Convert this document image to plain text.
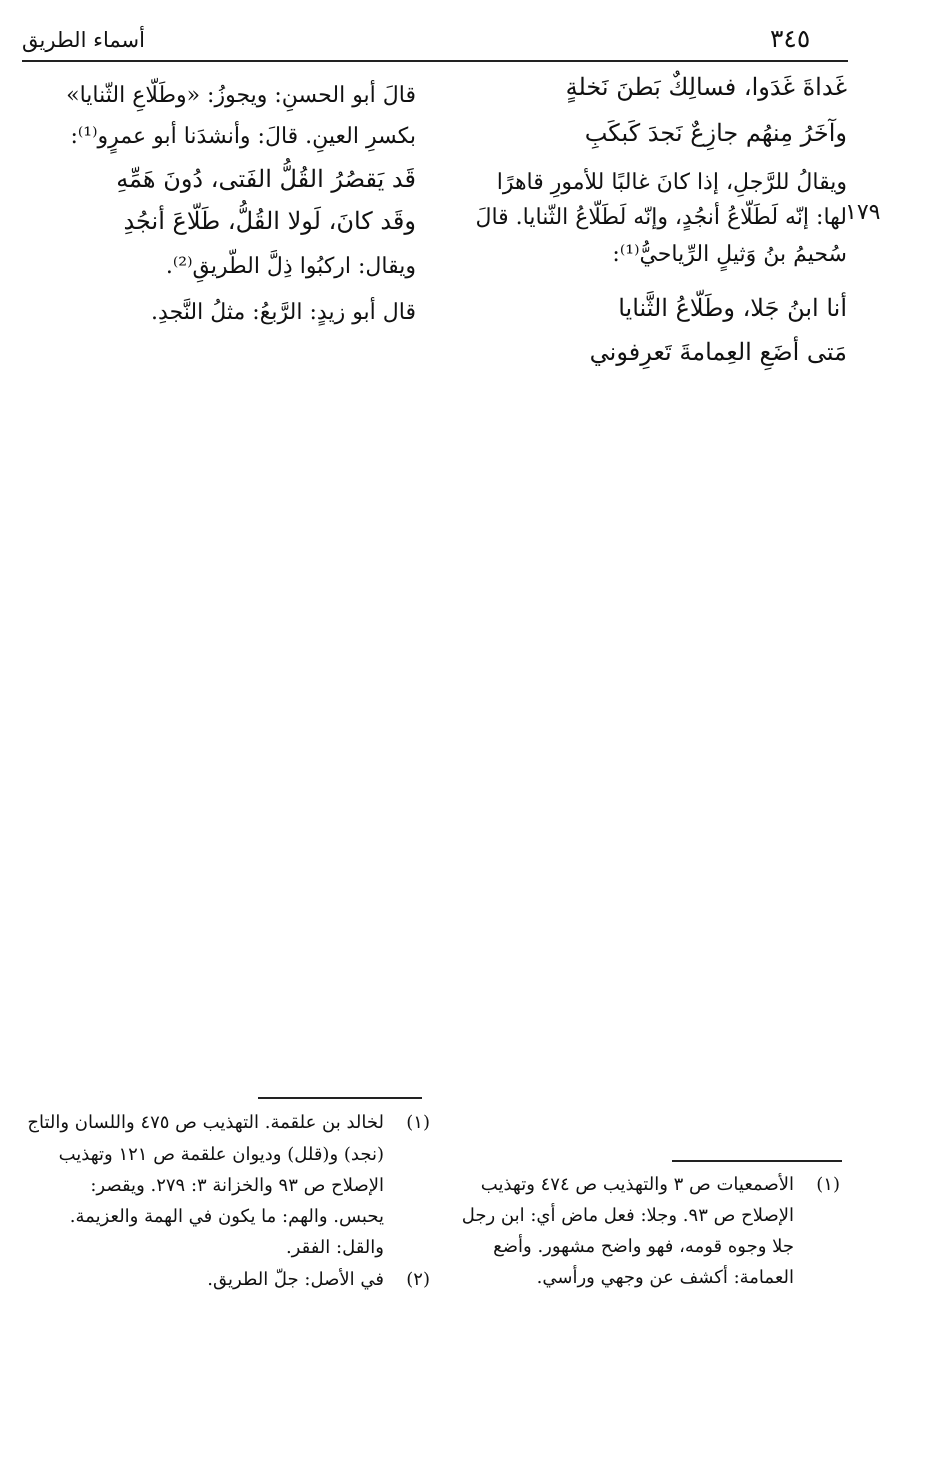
أسماء الطريق	٣٤٥
١٧٩
غَداةَ غَدَوا، فسالِكٌ بَطنَ نَخلةٍ
وآخَرُ مِنهُم جازِعٌ نَجدَ كَبكَبِ
ويقالُ للرَّجلِ، إذا كانَ غالبًا للأمورِ قاهرًا
لها: إنّه لَطَلّاعُ أنجُدٍ، وإنّه لَطَلّاعُ الثّنايا. قالَ
سُحيمُ بنُ وَثيلٍ الرِّياحيُّ⁽¹⁾:
أنا ابنُ جَلا، وطَلّاعُ الثَّنايا
مَتى أضَعِ العِمامةَ تَعرِفوني
قالَ أبو الحسنِ: ويجوزُ: «وطَلّاعِ الثّنايا»
بكسرِ العينِ. قالَ: وأنشدَنا أبو عمرٍو⁽¹⁾:
قَد يَقصُرُ القُلُّ الفَتى، دُونَ هَمِّهِ
وقَد كانَ، لَولا القُلُّ، طَلّاعَ أنجُدِ
ويقال: اركبُوا ذِلَّ الطّريقِ⁽²⁾.
قال أبو زيدٍ: الرَّبعُ: مثلُ النَّجدِ.
(١)
لخالد بن علقمة. التهذيب ص ٤٧٥ واللسان والتاج
(نجد) و(قلل) وديوان علقمة ص ١٢١ وتهذيب
الإصلاح ص ٩٣ والخزانة ٣: ٢٧٩. ويقصر:
يحبس. والهم: ما يكون في الهمة والعزيمة.
والقل: الفقر.
(٢)
في الأصل: جلّ الطريق.
(١)
الأصمعيات ص ٣ والتهذيب ص ٤٧٤ وتهذيب
الإصلاح ص ٩٣. وجلا: فعل ماض أي: ابن رجل
جلا وجوه قومه، فهو واضح مشهور. وأضع
العمامة: أكشف عن وجهي ورأسي.
